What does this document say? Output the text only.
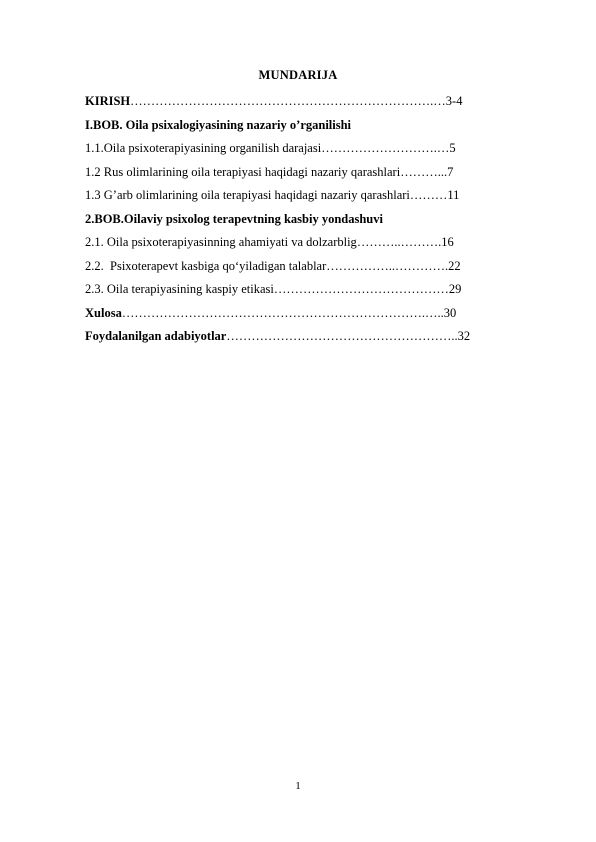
MUNDARIJA
KIRISH……………………………………………………………….…3-4
I.BOB. Oila psixalogiyasining nazariy o’rganilishi
1.1.Oila psixoterapiyasining organilish darajasi……………………….…5
1.2 Rus olimlarining oila terapiyasi haqidagi nazariy qarashlari………...7
1.3 G’arb olimlarining oila terapiyasi haqidagi nazariy qarashlari………11
2.BOB.Oilaviy psixolog terapevtning kasbiy yondashuvi
2.1. Oila psixoterapiyasinning ahamiyati va dolzarblig………..……….16
2.2.  Psixoterapevt kasbiga qo‘yiladigan talablar……………..………….22
2.3. Oila terapiyasining kaspiy etikasi……………………………………29
Xulosa……………………………………………………………….…..30
Foydalanilgan adabiyotlar………………………………………………..32
1
